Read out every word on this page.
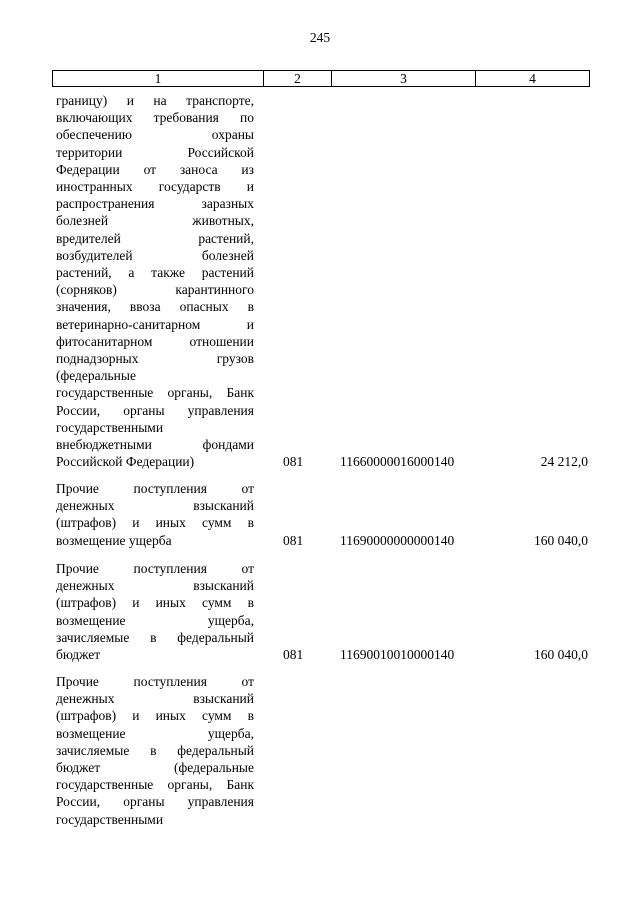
245
1	2	3	4
границу) и на транспорте,
включающих требования по
обеспечению охраны
территории Российской
Федерации от заноса из
иностранных государств и
распространения заразных
болезней животных,
вредителей растений,
возбудителей болезней
растений, а также растений
(сорняков) карантинного
значения, ввоза опасных в
ветеринарно-санитарном и
фитосанитарном отношении
поднадзорных грузов
(федеральные
государственные органы, Банк
России, органы управления
государственными
внебюджетными фондами
Российской Федерации)	081	11660000016000140	24 212,0
Прочие поступления от
денежных взысканий
(штрафов) и иных сумм в
возмещение ущерба	081	11690000000000140	160 040,0
Прочие поступления от
денежных взысканий
(штрафов) и иных сумм в
возмещение ущерба,
зачисляемые в федеральный
бюджет	081	11690010010000140	160 040,0
Прочие поступления от
денежных взысканий
(штрафов) и иных сумм в
возмещение ущерба,
зачисляемые в федеральный
бюджет (федеральные
государственные органы, Банк
России, органы управления
государственными
